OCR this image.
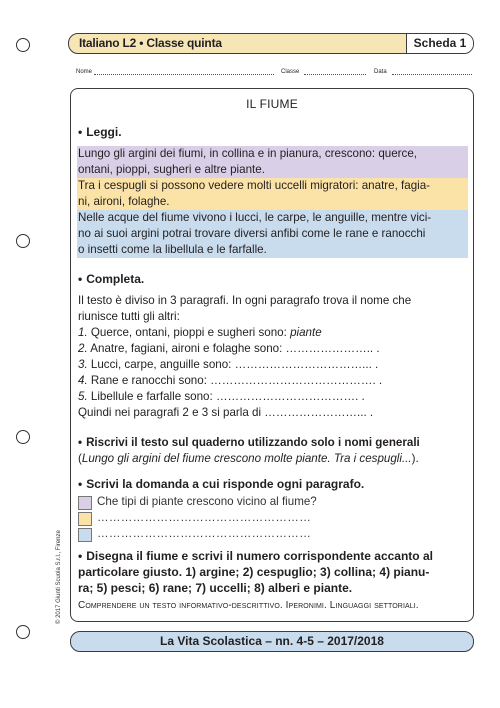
Italiano L2 • Classe quinta	Scheda 1
Nome	Classe	Data
IL FIUME
• Leggi.
Lungo gli argini dei fiumi, in collina e in pianura, crescono: querce,
ontani, pioppi, sugheri e altre piante.
Tra i cespugli si possono vedere molti uccelli migratori: anatre, fagia-
ni, aironi, folaghe.
Nelle acque del fiume vivono i lucci, le carpe, le anguille, mentre vici-
no ai suoi argini potrai trovare diversi anfibi come le rane e ranocchi
o insetti come la libellula e le farfalle.
• Completa.
Il testo è diviso in 3 paragrafi. In ogni paragrafo trova il nome che
riunisce tutti gli altri:
1. Querce, ontani, pioppi e sugheri sono: piante
2. Anatre, fagiani, aironi e folaghe sono: ………………….. .
3. Lucci, carpe, anguille sono: ……………………………... .
4. Rane e ranocchi sono: ……………………………………. .
5. Libellule e farfalle sono: ………………………………. .
Quindi nei paragrafi 2 e 3 si parla di ……………………... .
• Riscrivi il testo sul quaderno utilizzando solo i nomi generali
(Lungo gli argini del fiume crescono molte piante. Tra i cespugli...).
• Scrivi la domanda a cui risponde ogni paragrafo.
Che tipi di piante crescono vicino al fiume?
………………………………………………
………………………………………………
• Disegna il fiume e scrivi il numero corrispondente accanto al
particolare giusto. 1) argine; 2) cespuglio; 3) collina; 4) pianu-
ra; 5) pesci; 6) rane; 7) uccelli; 8) alberi e piante.
Comprendere un testo informativo-descrittivo. Iperonimi. Linguaggi settoriali.
© 2017 Giunti Scuola S.r.l., Firenze
La Vita Scolastica – nn. 4-5 – 2017/2018
